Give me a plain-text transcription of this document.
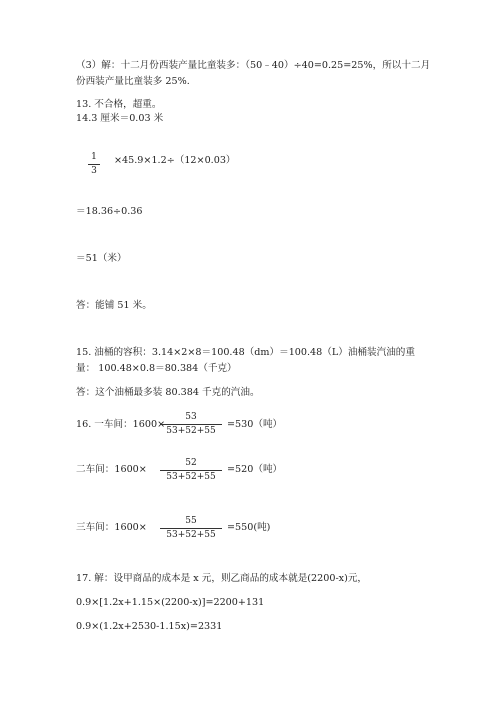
（3）解：十二月份西装产量比童装多：（50﹣40）÷40=0.25=25%，所以十二月
份西装产量比童装多 25%.
13. 不合格，超重。
14.3 厘米＝0.03 米
$\frac{1}{3} \times 45.9\times 1.2\div(12\times 0.03)$
＝18.36÷0.36
＝51（米）
答：能铺 51 米。
15. 油桶的容积：3.14×2×8＝100.48（dm）＝100.48（L）油桶装汽油的重
量： 100.48×0.8＝80.384（千克）
答：这个油桶最多装 80.384 千克的汽油。
16. 一车间：1600×
$\frac{53}{53+52+55} =530$（吨）
二车间：$1600\times \frac{52}{53+52+55} =520$（吨）
三车间：$1600\times \frac{55}{53+52+55} =550$(吨)
17. 解：设甲商品的成本是 x 元，则乙商品的成本就是(2200-x)元，
0.9×[1.2x+1.15×(2200-x)]=2200+131
0.9×(1.2x+2530-1.15x)=2331
